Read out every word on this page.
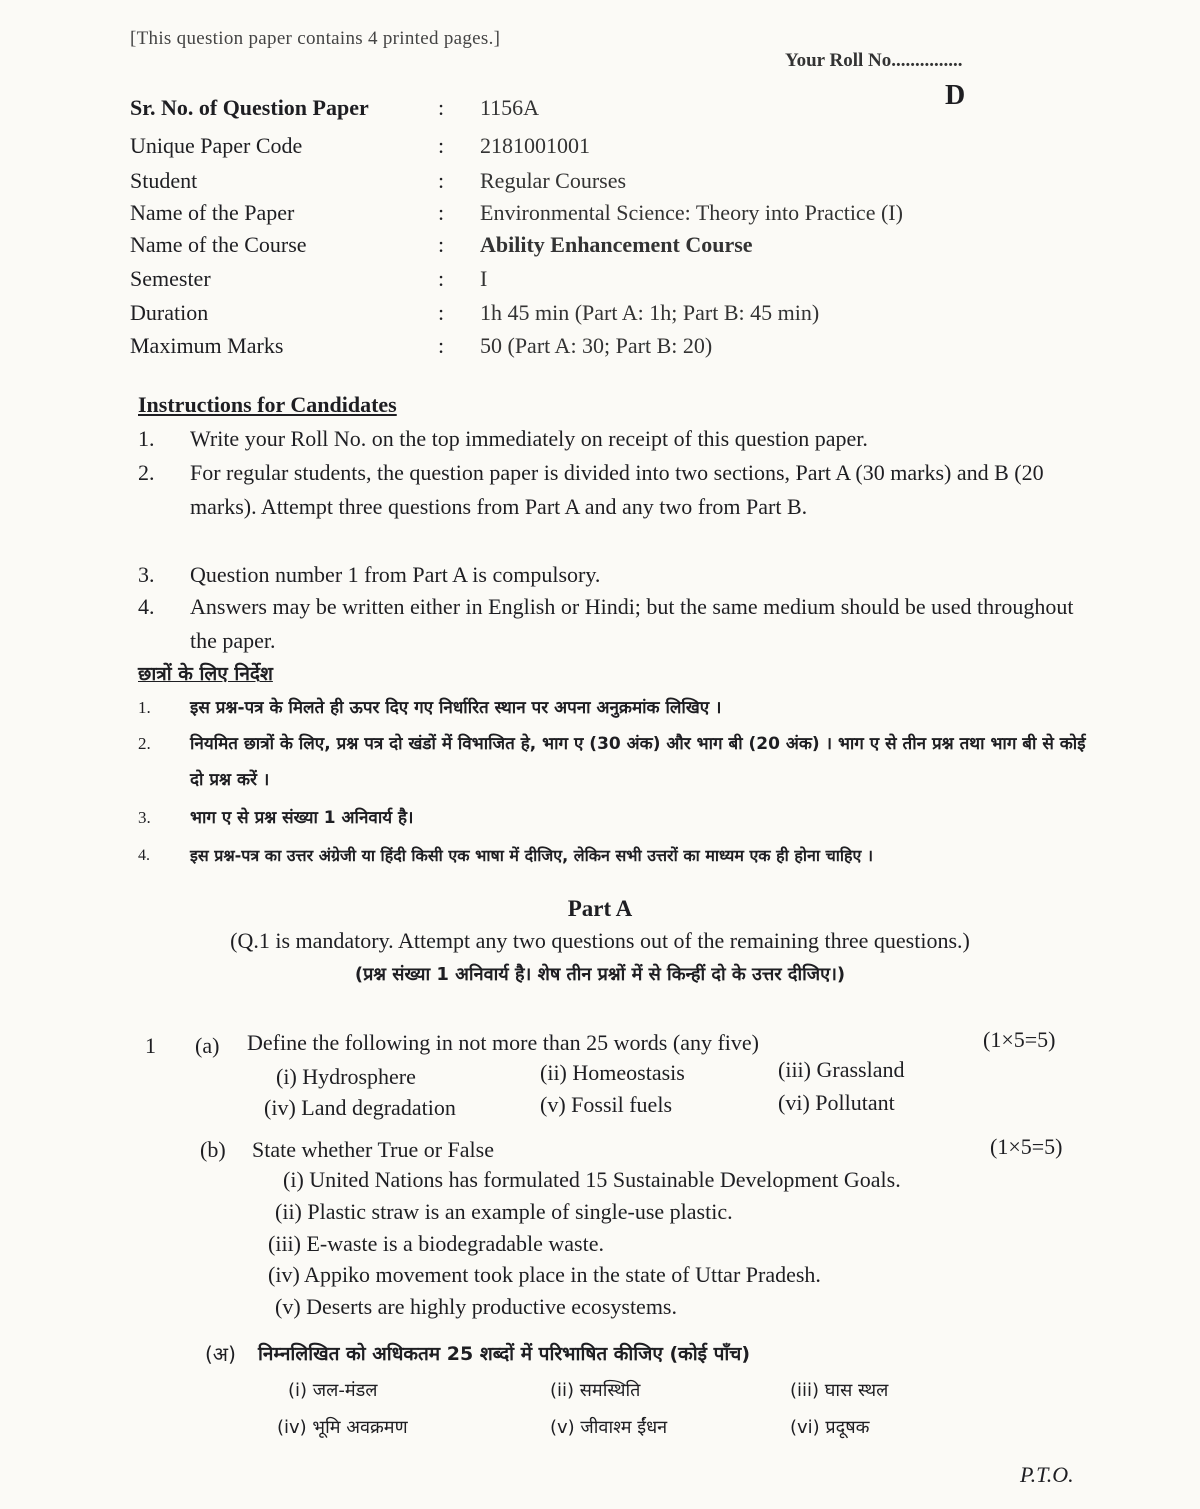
[This question paper contains 4 printed pages.]
Your Roll No...............
D
Sr. No. of Question Paper	: 1156A
Unique Paper Code	: 2181001001
Student	: Regular Courses
Name of the Paper	: Environmental Science: Theory into Practice (I)
Name of the Course	: Ability Enhancement Course
Semester	: I
Duration	: 1h 45 min (Part A: 1h; Part B: 45 min)
Maximum Marks	: 50 (Part A: 30; Part B: 20)
Instructions for Candidates
1. Write your Roll No. on the top immediately on receipt of this question paper.
2. For regular students, the question paper is divided into two sections, Part A (30 marks) and B (20 marks). Attempt three questions from Part A and any two from Part B.
3. Question number 1 from Part A is compulsory.
4. Answers may be written either in English or Hindi; but the same medium should be used throughout the paper.
छात्रों के लिए निर्देश
1. इस प्रश्न-पत्र के मिलते ही ऊपर दिए गए निर्धारित स्थान पर अपना अनुक्रमांक लिखिए ।
2. नियमित छात्रों के लिए, प्रश्न पत्र दो खंडों में विभाजित हे, भाग ए (30 अंक) और भाग बी (20 अंक) । भाग ए से तीन प्रश्न तथा भाग बी से कोई दो प्रश्न करें ।
3. भाग ए से प्रश्न संख्या 1 अनिवार्य है।
4.	इस प्रश्न-पत्र का उत्तर अंग्रेजी या हिंदी किसी एक भाषा में दीजिए, लेकिन सभी उत्तरों का माध्यम एक ही होना चाहिए ।
Part A
(Q.1 is mandatory. Attempt any two questions out of the remaining three questions.)
(प्रश्न संख्या 1 अनिवार्य है। शेष तीन प्रश्नों में से किन्हीं दो के उत्तर दीजिए।)
1 (a) Define the following in not more than 25 words (any five)	(1×5=5)
(i) Hydrosphere	(ii) Homeostasis	(iii) Grassland
(iv) Land degradation	(v) Fossil fuels	(vi) Pollutant
(b) State whether True or False	(1×5=5)
(i) United Nations has formulated 15 Sustainable Development Goals.
(ii) Plastic straw is an example of single-use plastic.
(iii) E-waste is a biodegradable waste.
(iv) Appiko movement took place in the state of Uttar Pradesh.
(v) Deserts are highly productive ecosystems.
(अ) निम्नलिखित को अधिकतम 25 शब्दों में परिभाषित कीजिए (कोई पाँच)
(i) जल-मंडल	(ii) समस्थिति	(iii) घास स्थल
(iv) भूमि अवक्रमण	(v) जीवाश्म ईंधन	(vi) प्रदूषक
P.T.O.
